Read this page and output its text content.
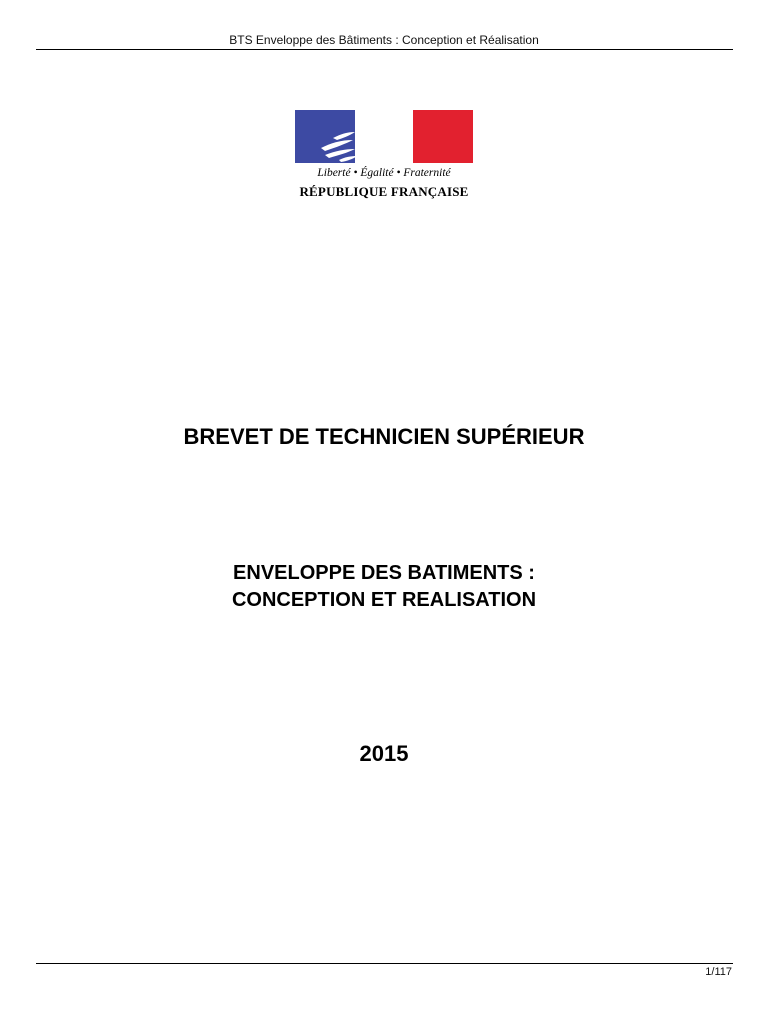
BTS Enveloppe des Bâtiments : Conception et Réalisation
Liberté • Égalité • Fraternité
RÉPUBLIQUE FRANÇAISE
BREVET DE TECHNICIEN SUPÉRIEUR
ENVELOPPE DES BATIMENTS :
CONCEPTION ET REALISATION
2015
1/117
